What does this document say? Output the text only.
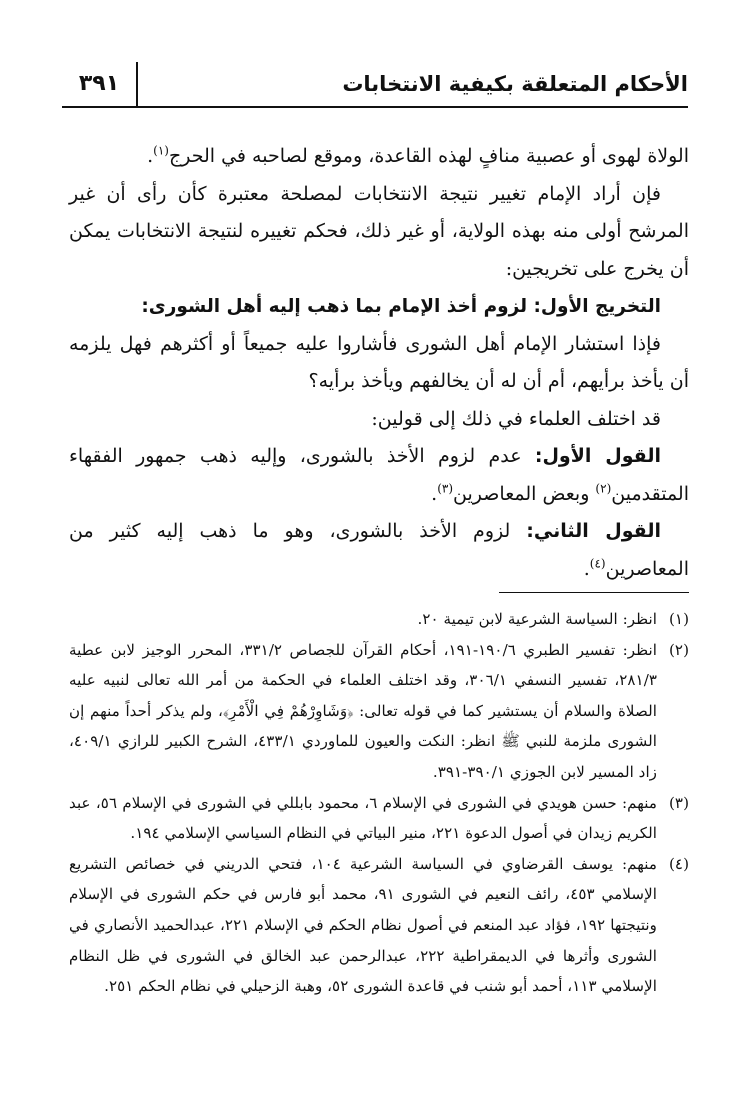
الأحكام المتعلقة بكيفية الانتخابات
٣٩١

الولاة لهوى أو عصبية منافٍ لهذه القاعدة، وموقع لصاحبه في الحرج$^{(١)}$.

فإن أراد الإمام تغيير نتيجة الانتخابات لمصلحة معتبرة كأن رأى أن غير المرشح أولى منه بهذه الولاية، أو غير ذلك، فحكم تغييره لنتيجة الانتخابات يمكن أن يخرج على تخريجين:

التخريج الأول: لزوم أخذ الإمام بما ذهب إليه أهل الشورى:

فإذا استشار الإمام أهل الشورى فأشاروا عليه جميعاً أو أكثرهم فهل يلزمه أن يأخذ برأيهم، أم أن له أن يخالفهم ويأخذ برأيه؟

قد اختلف العلماء في ذلك إلى قولين:

القول الأول: عدم لزوم الأخذ بالشورى، وإليه ذهب جمهور الفقهاء المتقدمين$^{(٢)}$ وبعض المعاصرين$^{(٣)}$.

القول الثاني: لزوم الأخذ بالشورى، وهو ما ذهب إليه كثير من المعاصرين$^{(٤)}$.

(١)
انظر: السياسة الشرعية لابن تيمية ٢٠.
(٢)
انظر: تفسير الطبري ١٩٠/٦-١٩١، أحكام القرآن للجصاص ٣٣١/٢، المحرر الوجيز لابن عطية ٢٨١/٣، تفسير النسفي ٣٠٦/١، وقد اختلف العلماء في الحكمة من أمر الله تعالى لنبيه عليه الصلاة والسلام أن يستشير كما في قوله تعالى: ﴿وَشَاوِرْهُمْ فِي الْأَمْرِ﴾، ولم يذكر أحداً منهم إن الشورى ملزمة للنبي ﷺ انظر: النكت والعيون للماوردي ٤٣٣/١، الشرح الكبير للرازي ٤٠٩/١، زاد المسير لابن الجوزي ٣٩٠/١-٣٩١.
(٣)
منهم: حسن هويدي في الشورى في الإسلام ٦، محمود بابللي في الشورى في الإسلام ٥٦، عبد الكريم زيدان في أصول الدعوة ٢٢١، منير البياتي في النظام السياسي الإسلامي ١٩٤.
(٤)
منهم: يوسف القرضاوي في السياسة الشرعية ١٠٤، فتحي الدريني في خصائص التشريع الإسلامي ٤٥٣، رائف النعيم في الشورى ٩١، محمد أبو فارس في حكم الشورى في الإسلام ونتيجتها ١٩٢، فؤاد عبد المنعم في أصول نظام الحكم في الإسلام ٢٢١، عبدالحميد الأنصاري في الشورى وأثرها في الديمقراطية ٢٢٢، عبدالرحمن عبد الخالق في الشورى في ظل النظام الإسلامي ١١٣، أحمد أبو شنب في قاعدة الشورى ٥٢، وهبة الزحيلي في نظام الحكم ٢٥١.
